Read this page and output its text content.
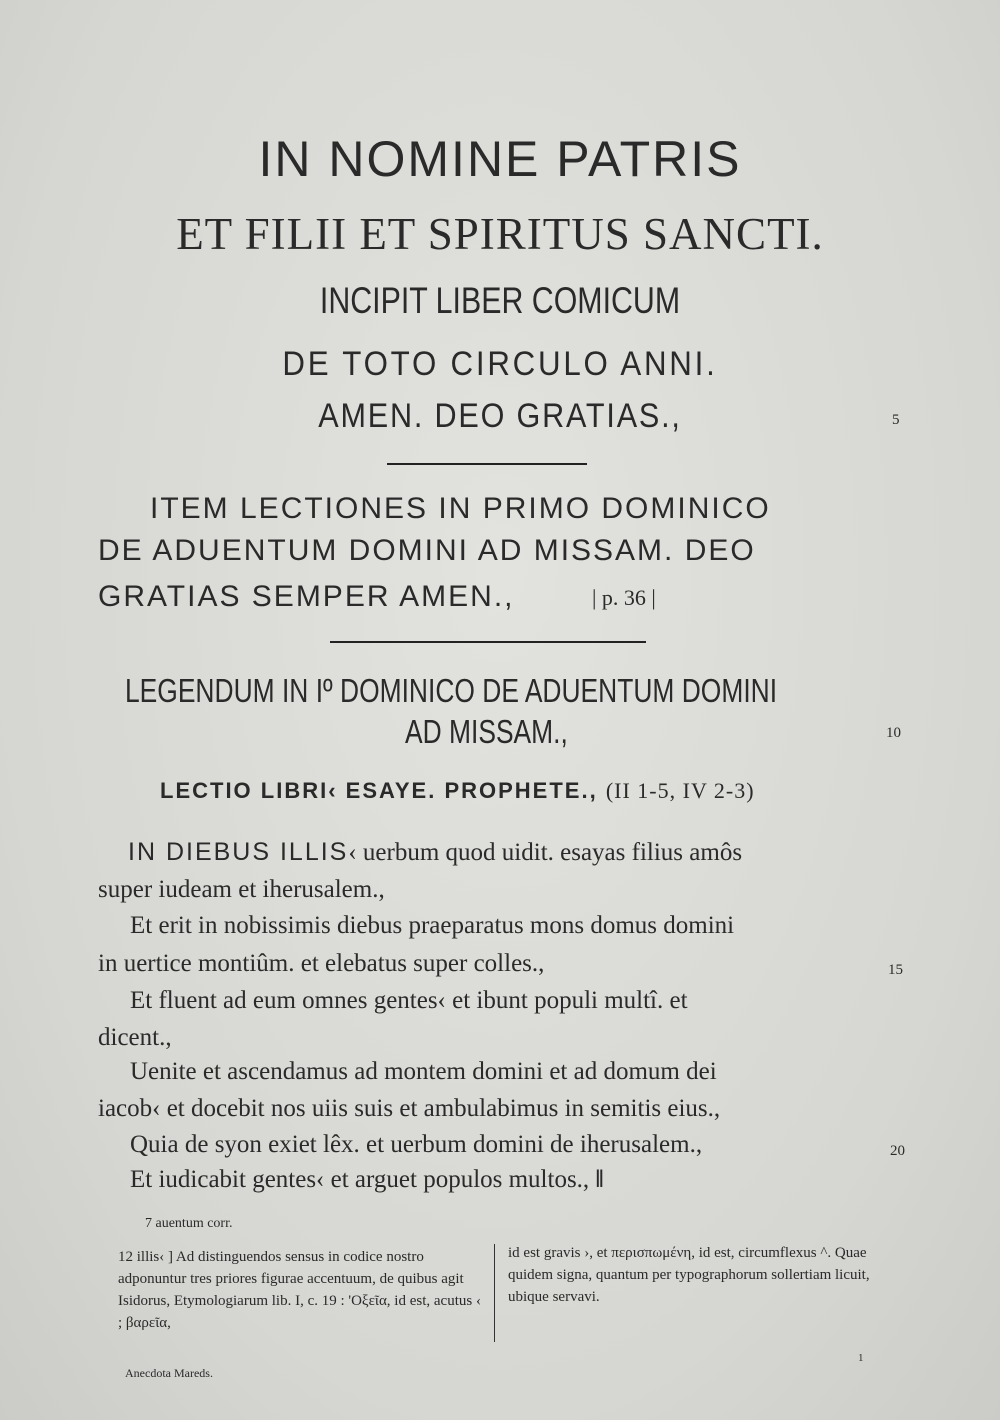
IN NOMINE PATRIS
ET FILII ET SPIRITUS SANCTI.
INCIPIT LIBER COMICUM
DE TOTO CIRCULO ANNI.
AMEN. DEO GRATIAS.,	5
ITEM LECTIONES IN PRIMO DOMINICO
DE ADUENTUM DOMINI AD MISSAM. DEO
GRATIAS SEMPER AMEN.,	| p. 36 |
LEGENDUM IN Iº DOMINICO DE ADUENTUM DOMINI
AD MISSAM.,	10
LECTIO LIBRI‹ ESAYE. PROPHETE., (II 1-5, IV 2-3)
IN DIEBUS ILLIS‹ uerbum quod uidit. esayas filius amôs
super iudeam et iherusalem.,
Et erit in nobissimis diebus praeparatus mons domus domini
in uertice montiûm. et elebatus super colles.,	15
Et fluent ad eum omnes gentes‹ et ibunt populi multî. et
dicent.,
Uenite et ascendamus ad montem domini et ad domum dei
iacob‹ et docebit nos uiis suis et ambulabimus in semitis eius.,
Quia de syon exiet lêx. et uerbum domini de iherusalem.,	20
Et iudicabit gentes‹ et arguet populos multos., ‖
7 auentum corr.
12 illis‹ ] Ad distinguendos sensus in codice nostro adponuntur tres priores figurae accentuum, de quibus agit Isidorus, Etymologiarum lib. I, c. 19 : 'Οξεῖα, id est, acutus ‹ ; βαρεῖα,
id est gravis ›, et περισπωμένη, id est, circumflexus ^. Quae quidem signa, quantum per typographorum sollertiam licuit, ubique servavi.
Anecdota Mareds.
1
